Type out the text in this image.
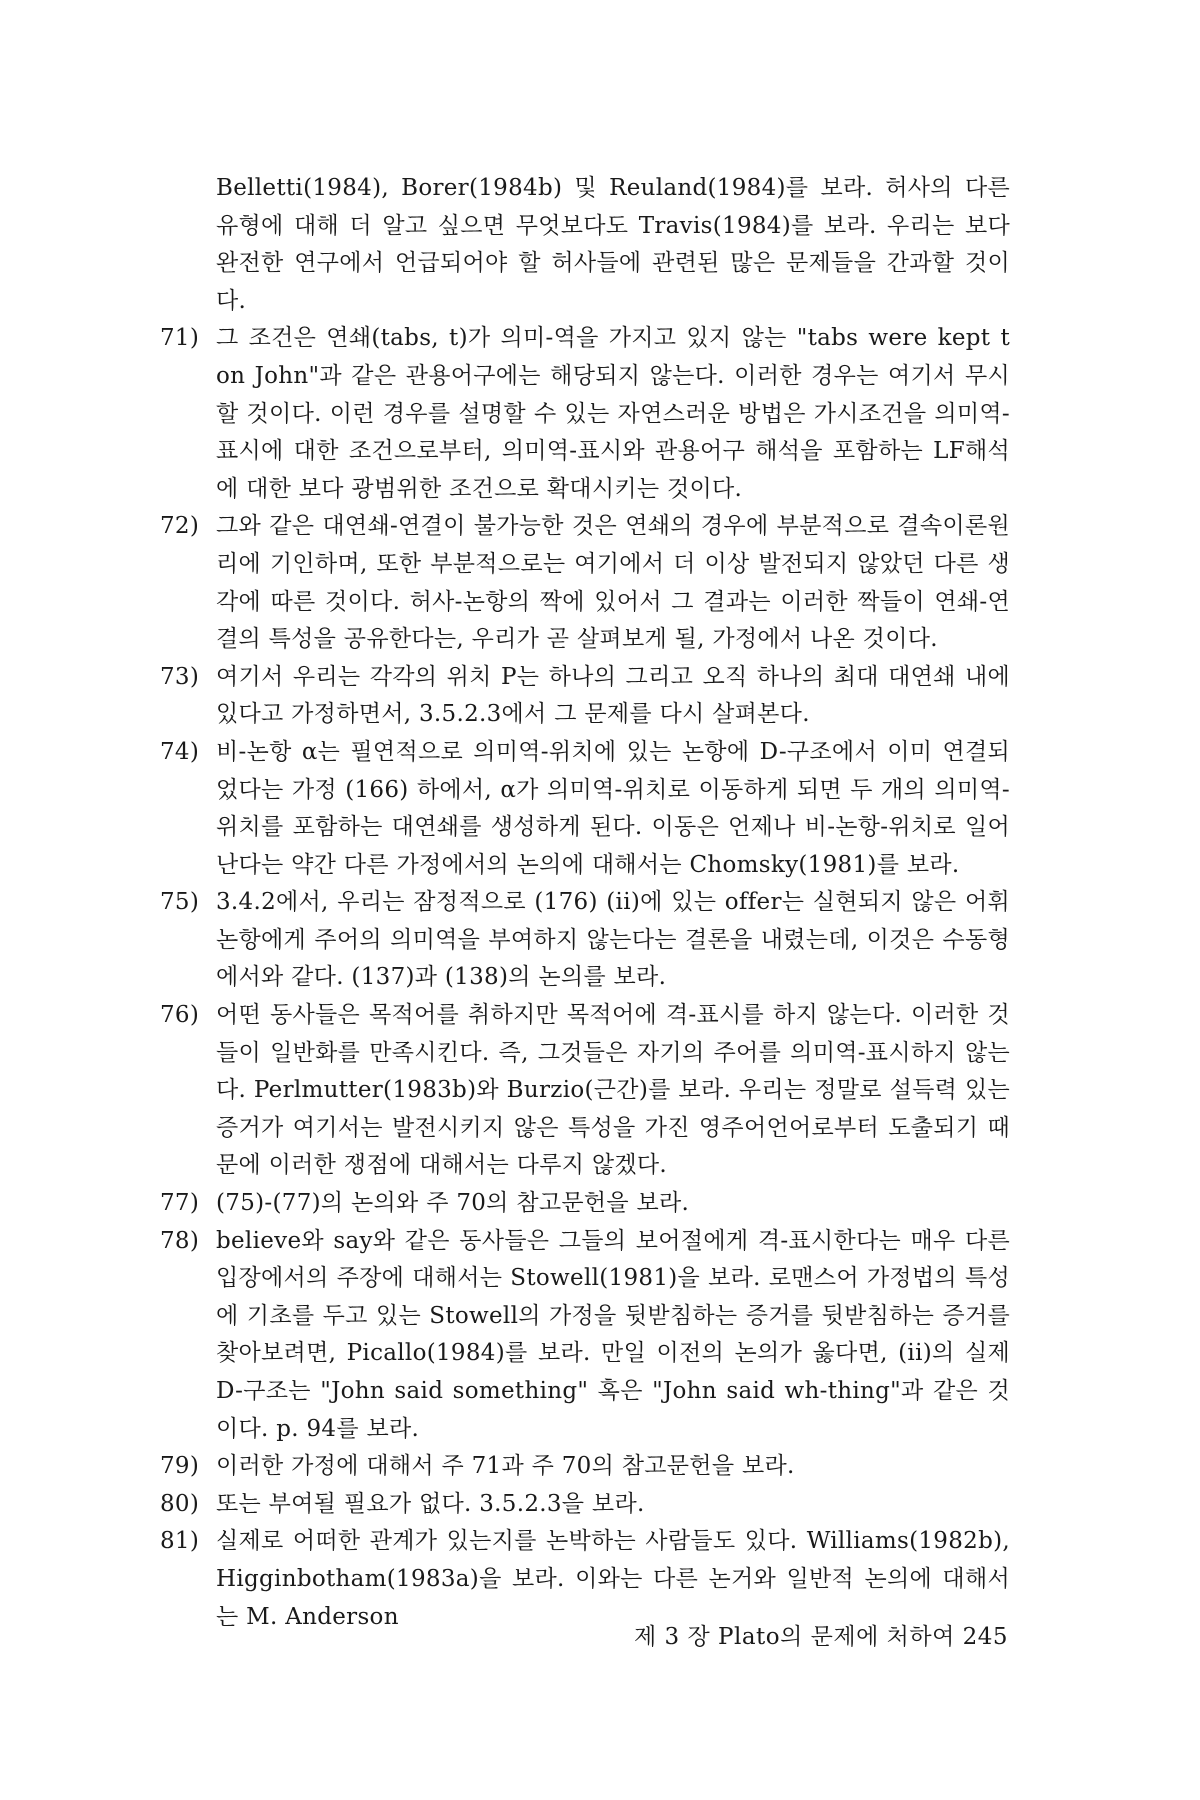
Belletti(1984), Borer(1984b) 및 Reuland(1984)를 보라. 허사의 다른 유형에 대해 더 알고 싶으면 무엇보다도 Travis(1984)를 보라. 우리는 보다 완전한 연구에서 언급되어야 할 허사들에 관련된 많은 문제들을 간과할 것이다.

71) 그 조건은 연쇄(tabs, t)가 의미-역을 가지고 있지 않는 "tabs were kept t on John"과 같은 관용어구에는 해당되지 않는다. 이러한 경우는 여기서 무시할 것이다. 이런 경우를 설명할 수 있는 자연스러운 방법은 가시조건을 의미역-표시에 대한 조건으로부터, 의미역-표시와 관용어구 해석을 포함하는 LF해석에 대한 보다 광범위한 조건으로 확대시키는 것이다.
72) 그와 같은 대연쇄-연결이 불가능한 것은 연쇄의 경우에 부분적으로 결속이론원리에 기인하며, 또한 부분적으로는 여기에서 더 이상 발전되지 않았던 다른 생각에 따른 것이다. 허사-논항의 짝에 있어서 그 결과는 이러한 짝들이 연쇄-연결의 특성을 공유한다는, 우리가 곧 살펴보게 될, 가정에서 나온 것이다.
73) 여기서 우리는 각각의 위치 P는 하나의 그리고 오직 하나의 최대 대연쇄 내에 있다고 가정하면서, 3.5.2.3에서 그 문제를 다시 살펴본다.
74) 비-논항 α는 필연적으로 의미역-위치에 있는 논항에 D-구조에서 이미 연결되었다는 가정 (166) 하에서, α가 의미역-위치로 이동하게 되면 두 개의 의미역-위치를 포함하는 대연쇄를 생성하게 된다. 이동은 언제나 비-논항-위치로 일어난다는 약간 다른 가정에서의 논의에 대해서는 Chomsky(1981)를 보라.
75) 3.4.2에서, 우리는 잠정적으로 (176) (ii)에 있는 offer는 실현되지 않은 어휘논항에게 주어의 의미역을 부여하지 않는다는 결론을 내렸는데, 이것은 수동형에서와 같다. (137)과 (138)의 논의를 보라.
76) 어떤 동사들은 목적어를 취하지만 목적어에 격-표시를 하지 않는다. 이러한 것들이 일반화를 만족시킨다. 즉, 그것들은 자기의 주어를 의미역-표시하지 않는다. Perlmutter(1983b)와 Burzio(근간)를 보라. 우리는 정말로 설득력 있는 증거가 여기서는 발전시키지 않은 특성을 가진 영주어언어로부터 도출되기 때문에 이러한 쟁점에 대해서는 다루지 않겠다.
77) (75)-(77)의 논의와 주 70의 참고문헌을 보라.
78) believe와 say와 같은 동사들은 그들의 보어절에게 격-표시한다는 매우 다른 입장에서의 주장에 대해서는 Stowell(1981)을 보라. 로맨스어 가정법의 특성에 기초를 두고 있는 Stowell의 가정을 뒷받침하는 증거를 뒷받침하는 증거를 찾아보려면, Picallo(1984)를 보라. 만일 이전의 논의가 옳다면, (ii)의 실제 D-구조는 "John said something" 혹은 "John said wh-thing"과 같은 것이다. p. 94를 보라.
79) 이러한 가정에 대해서 주 71과 주 70의 참고문헌을 보라.
80) 또는 부여될 필요가 없다. 3.5.2.3을 보라.
81) 실제로 어떠한 관계가 있는지를 논박하는 사람들도 있다. Williams(1982b), Higginbotham(1983a)을 보라. 이와는 다른 논거와 일반적 논의에 대해서는 M. Anderson
제 3 장 Plato의 문제에 처하여 245
